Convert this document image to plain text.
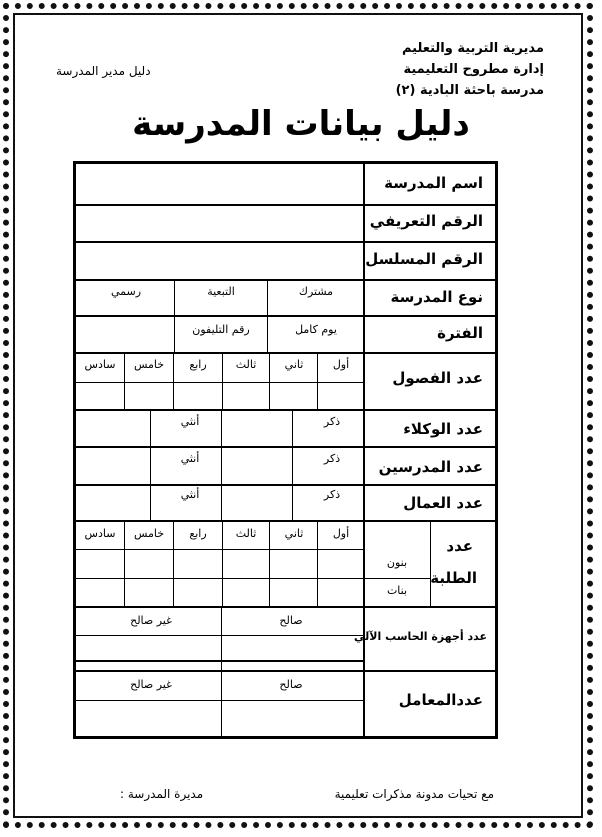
مديرية التربية والتعليم
إدارة مطروح التعليمية
مدرسة باحثة البادية (٢)
دليل مدير المدرسة
دليل بيانات المدرسة
اسم المدرسة
الرقم التعريفي
الرقم المسلسل
نوع المدرسة
الفترة
عدد الفصول
عدد الوكلاء
عدد المدرسين
عدد العمال
عدد
الطلبة
عدد أجهزة الحاسب الآلي
عددالمعامل
مشترك
التبعية
رسمي
يوم كامل
رقم التليفون
أول
ثاني
ثالث
رابع
خامس
سادس
ذكر
أنثي
ذكر
أنثي
ذكر
أنثي
أول
ثاني
ثالث
رابع
خامس
سادس
بنون
بنات
صالح
غير صالح
صالح
غير صالح
مع تحيات مدونة مذكرات تعليمية
مديرة المدرسة :
